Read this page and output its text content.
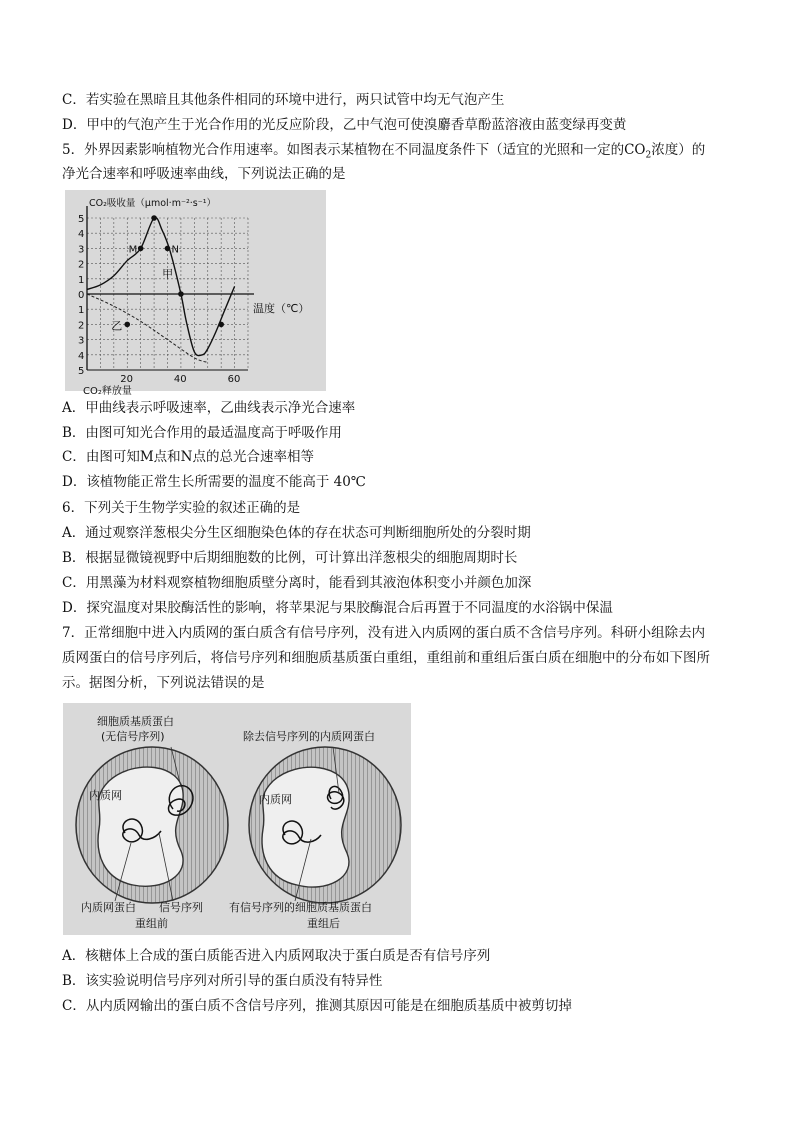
C．若实验在黑暗且其他条件相同的环境中进行，两只试管中均无气泡产生
D．甲中的气泡产生于光合作用的光反应阶段，乙中气泡可使溴麝香草酚蓝溶液由蓝变绿再变黄
5．外界因素影响植物光合作用速率。如图表示某植物在不同温度条件下（适宜的光照和一定的$CO_2$浓度）的
净光合速率和呼吸速率曲线，下列说法正确的是
5
4
3
2
1
0
1
2
3
4
5
20	40	60
CO₂吸收量（μmol·m⁻²·s⁻¹）
CO₂释放量
温度（℃）
M	N
甲
乙
A．甲曲线表示呼吸速率，乙曲线表示净光合速率
B．由图可知光合作用的最适温度高于呼吸作用
C．由图可知M点和N点的总光合速率相等
D．该植物能正常生长所需要的温度不能高于 40℃
6．下列关于生物学实验的叙述正确的是
A．通过观察洋葱根尖分生区细胞染色体的存在状态可判断细胞所处的分裂时期
B．根据显微镜视野中后期细胞数的比例，可计算出洋葱根尖的细胞周期时长
C．用黑藻为材料观察植物细胞质壁分离时，能看到其液泡体积变小并颜色加深
D．探究温度对果胶酶活性的影响，将苹果泥与果胶酶混合后再置于不同温度的水浴锅中保温
7．正常细胞中进入内质网的蛋白质含有信号序列，没有进入内质网的蛋白质不含信号序列。科研小组除去内
质网蛋白的信号序列后，将信号序列和细胞质基质蛋白重组，重组前和重组后蛋白质在细胞中的分布如下图所
示。据图分析，下列说法错误的是
细胞质基质蛋白
(无信号序列)
内质网
内质网蛋白 信号序列
重组前
除去信号序列的内质网蛋白
内质网
有信号序列的细胞质基质蛋白
重组后
A．核糖体上合成的蛋白质能否进入内质网取决于蛋白质是否有信号序列
B．该实验说明信号序列对所引导的蛋白质没有特异性
C．从内质网输出的蛋白质不含信号序列，推测其原因可能是在细胞质基质中被剪切掉
